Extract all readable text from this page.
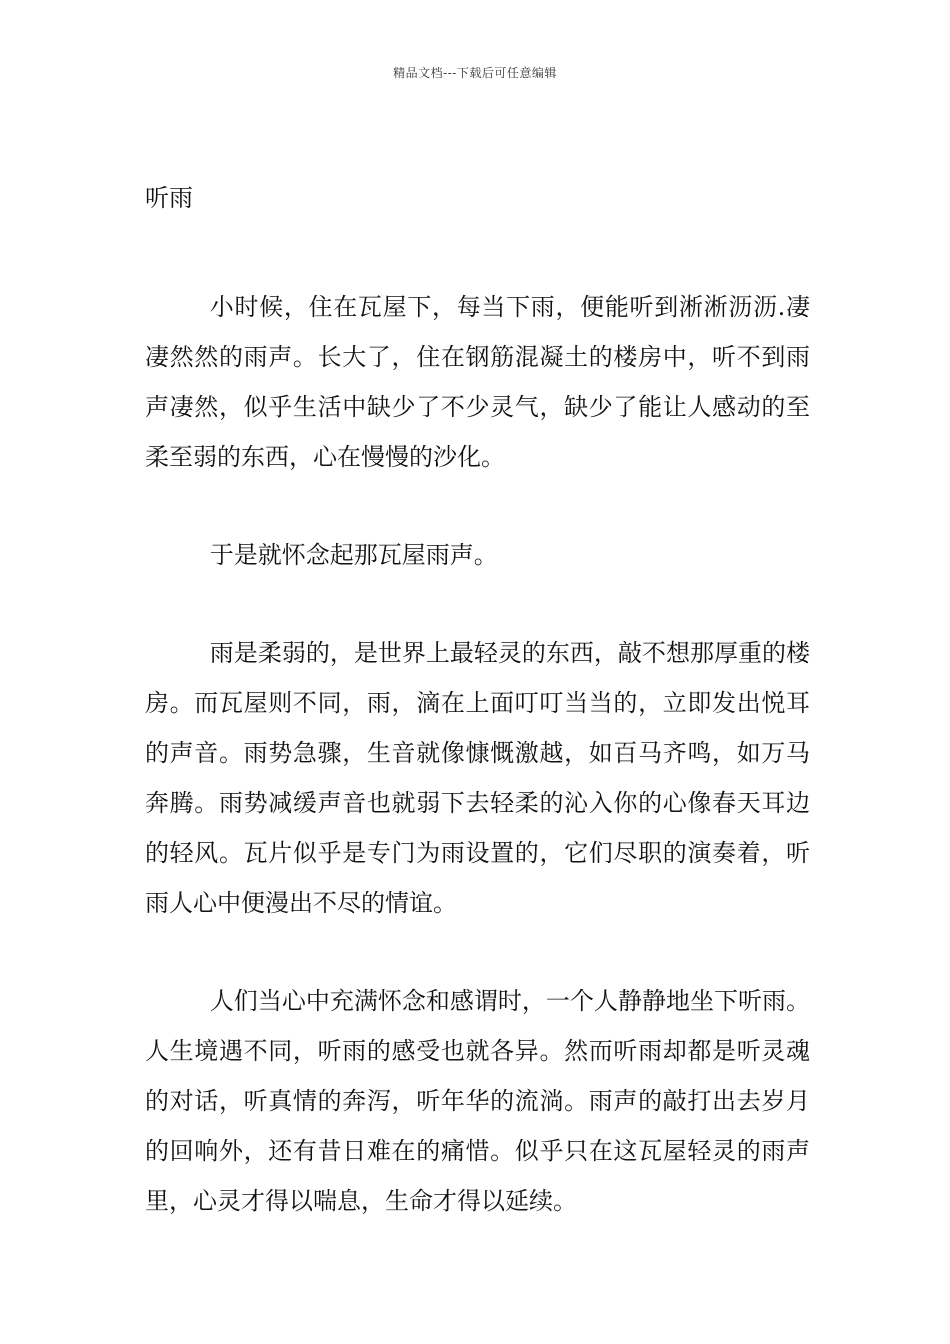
精品文档---下载后可任意编辑
听雨

小时候，住在瓦屋下，每当下雨，便能听到淅淅沥沥.凄凄然然的雨声。长大了，住在钢筋混凝土的楼房中，听不到雨声凄然，似乎生活中缺少了不少灵气，缺少了能让人感动的至柔至弱的东西，心在慢慢的沙化。

于是就怀念起那瓦屋雨声。

雨是柔弱的，是世界上最轻灵的东西，敲不想那厚重的楼房。而瓦屋则不同，雨，滴在上面叮叮当当的，立即发出悦耳的声音。雨势急骤，生音就像慷慨激越，如百马齐鸣，如万马奔腾。雨势减缓声音也就弱下去轻柔的沁入你的心像春天耳边的轻风。瓦片似乎是专门为雨设置的，它们尽职的演奏着，听雨人心中便漫出不尽的情谊。

人们当心中充满怀念和感谓时，一个人静静地坐下听雨。人生境遇不同，听雨的感受也就各异。然而听雨却都是听灵魂的对话，听真情的奔泻，听年华的流淌。雨声的敲打出去岁月的回响外，还有昔日难在的痛惜。似乎只在这瓦屋轻灵的雨声里，心灵才得以喘息，生命才得以延续。
